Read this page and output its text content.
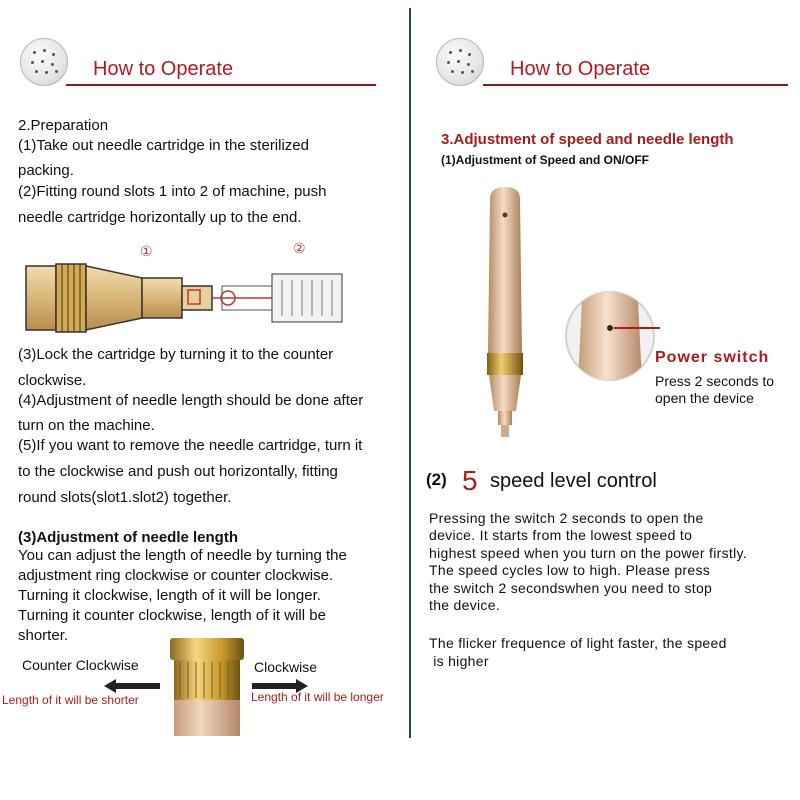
How to Operate
2.Preparation
(1)Take out needle cartridge in the sterilized
packing.
(2)Fitting round slots 1 into 2 of machine, push
needle cartridge horizontally up to the end.
①	②
(3)Lock the cartridge by turning it to the counter
clockwise.
(4)Adjustment of needle length should be done after
turn on the machine.
(5)If you want to remove the needle cartridge, turn it
to the clockwise and push out horizontally, fitting
round slots(slot1.slot2) together.
(3)Adjustment of needle length
You can adjust the length of needle by turning the
adjustment ring clockwise or counter clockwise.
Turning it clockwise, length of it will be longer.
Turning it counter clockwise, length of it will be
shorter.
Counter Clockwise	Clockwise
Length of it will be shorter	Length of it will be longer
How to Operate
3.Adjustment of speed and needle length
(1)Adjustment of Speed and ON/OFF
Power switch
Press 2 seconds to
open the device
(2) 5 speed level control
Pressing the switch 2 seconds to open the
device. It starts from the lowest speed to
highest speed when you turn on the power firstly.
The speed cycles low to high. Please press
the switch 2 secondswhen you need to stop
the device.
The flicker frequence of light faster, the speed
is higher
